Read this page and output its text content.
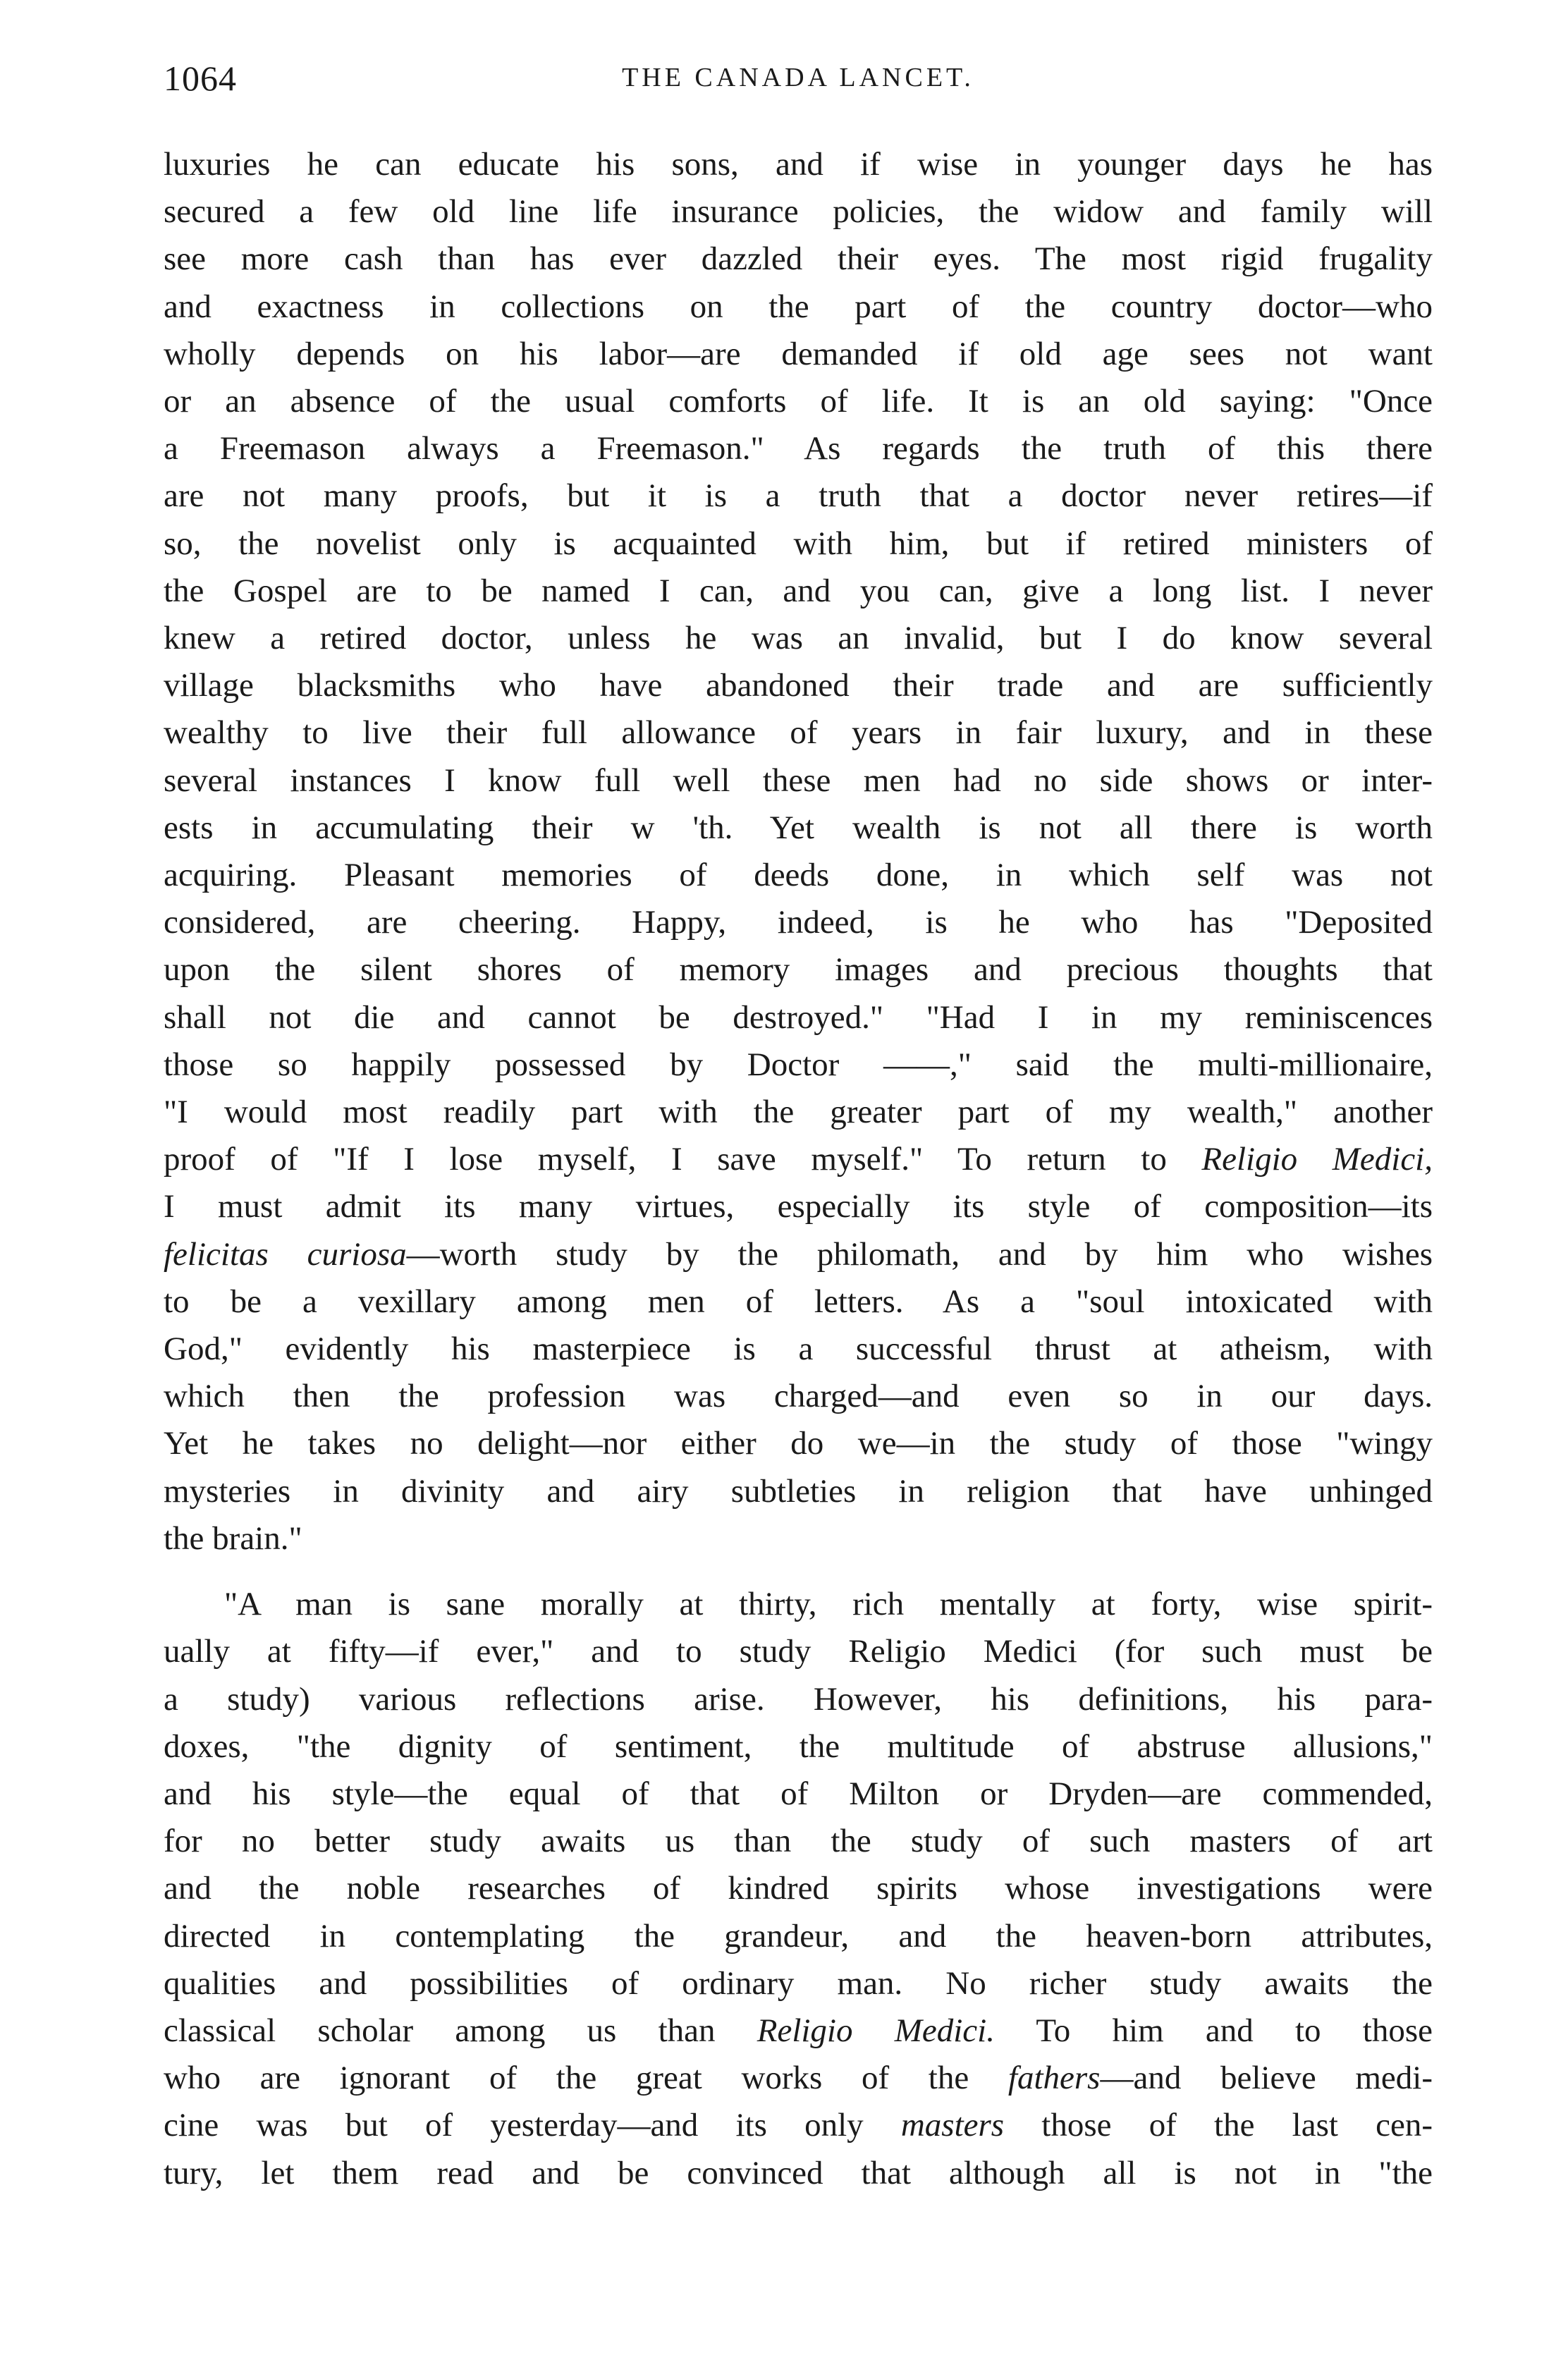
1064	THE CANADA LANCET.

luxuries he can educate his sons, and if wise in younger days he has

secured a few old line life insurance policies, the widow and family will

see more cash than has ever dazzled their eyes. The most rigid frugality

and exactness in collections on the part of the country doctor—who

wholly depends on his labor—are demanded if old age sees not want

or an absence of the usual comforts of life. It is an old saying: "Once

a Freemason always a Freemason." As regards the truth of this there

are not many proofs, but it is a truth that a doctor never retires—if

so, the novelist only is acquainted with him, but if retired ministers of

the Gospel are to be named I can, and you can, give a long list. I never

knew a retired doctor, unless he was an invalid, but I do know several

village blacksmiths who have abandoned their trade and are sufficiently

wealthy to live their full allowance of years in fair luxury, and in these

several instances I know full well these men had no side shows or inter-

ests in accumulating their w 'th. Yet wealth is not all there is worth

acquiring. Pleasant memories of deeds done, in which self was not

considered, are cheering. Happy, indeed, is he who has "Deposited

upon the silent shores of memory images and precious thoughts that

shall not die and cannot be destroyed." "Had I in my reminiscences

those so happily possessed by Doctor ——," said the multi-millionaire,

"I would most readily part with the greater part of my wealth," another

proof of "If I lose myself, I save myself." To return to Religio Medici,

I must admit its many virtues, especially its style of composition—its

felicitas curiosa—worth study by the philomath, and by him who wishes

to be a vexillary among men of letters. As a "soul intoxicated with

God," evidently his masterpiece is a successful thrust at atheism, with

which then the profession was charged—and even so in our days.

Yet he takes no delight—nor either do we—in the study of those "wingy

mysteries in divinity and airy subtleties in religion that have unhinged

the brain."

"A man is sane morally at thirty, rich mentally at forty, wise spirit-

ually at fifty—if ever," and to study Religio Medici (for such must be

a study) various reflections arise. However, his definitions, his para-

doxes, "the dignity of sentiment, the multitude of abstruse allusions,"

and his style—the equal of that of Milton or Dryden—are commended,

for no better study awaits us than the study of such masters of art

and the noble researches of kindred spirits whose investigations were

directed in contemplating the grandeur, and the heaven-born attributes,

qualities and possibilities of ordinary man. No richer study awaits the

classical scholar among us than Religio Medici. To him and to those

who are ignorant of the great works of the fathers—and believe medi-

cine was but of yesterday—and its only masters those of the last cen-

tury, let them read and be convinced that although all is not in "the
